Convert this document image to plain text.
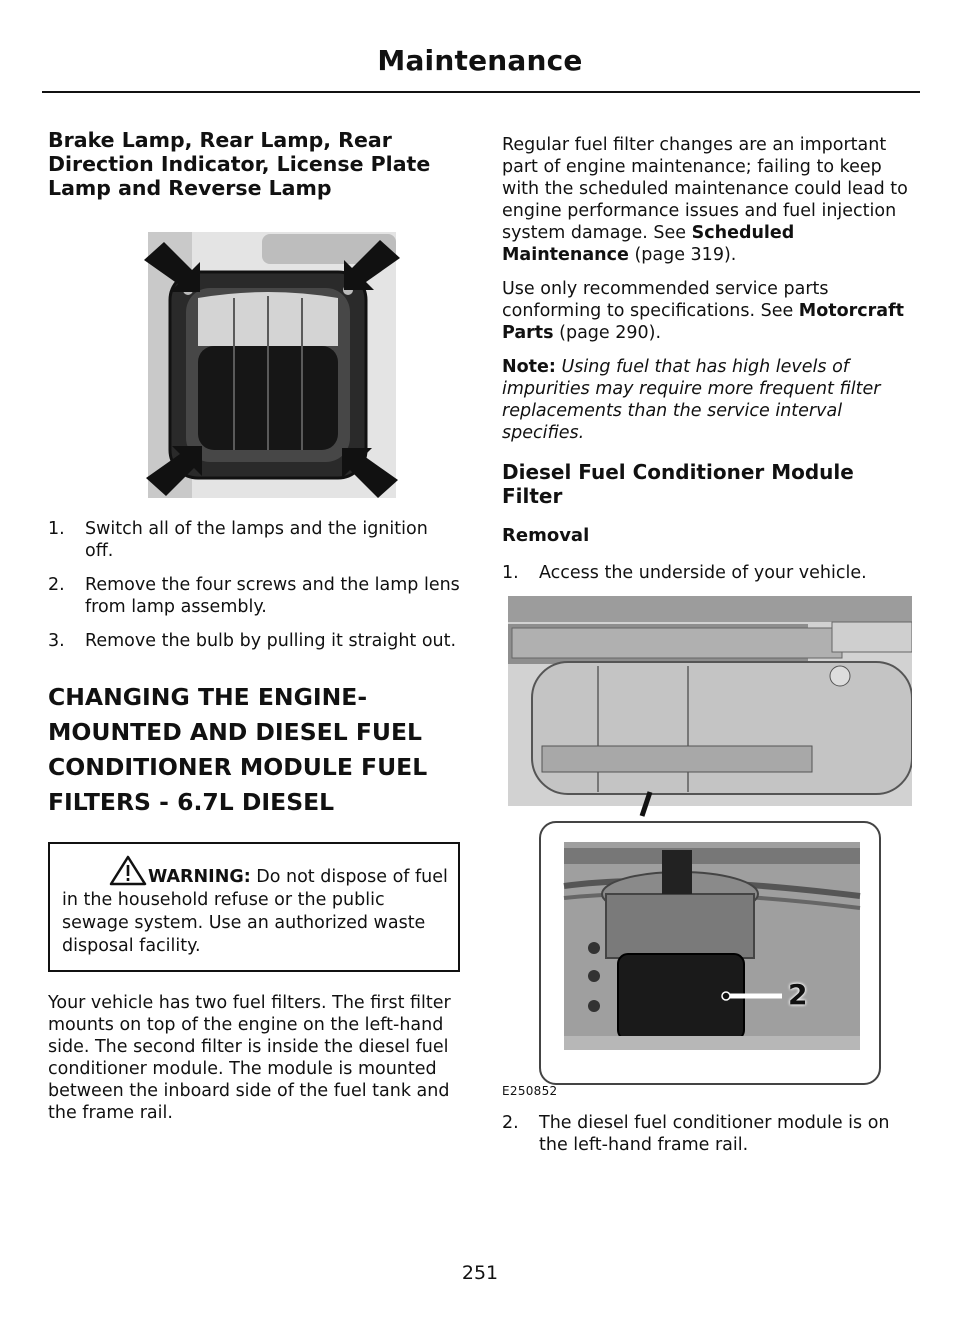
Maintenance
Brake Lamp, Rear Lamp, Rear Direction Indicator, License Plate Lamp and Reverse Lamp
1. Switch all of the lamps and the ignition off.
2. Remove the four screws and the lamp lens from lamp assembly.
3. Remove the bulb by pulling it straight out.
CHANGING THE ENGINE-
MOUNTED AND DIESEL FUEL
CONDITIONER MODULE FUEL
FILTERS - 6.7L DIESEL
WARNING: Do not dispose of fuel in the household refuse or the public sewage system. Use an authorized waste disposal facility.

Your vehicle has two fuel filters. The first filter mounts on top of the engine on the left-hand side. The second filter is inside the diesel fuel conditioner module. The module is mounted between the inboard side of the fuel tank and the frame rail.

Regular fuel filter changes are an important part of engine maintenance; failing to keep with the scheduled maintenance could lead to engine performance issues and fuel injection system damage. See Scheduled Maintenance (page 319).

Use only recommended service parts conforming to specifications. See Motorcraft Parts (page 290).

Note: Using fuel that has high levels of impurities may require more frequent filter replacements than the service interval specifies.

Diesel Fuel Conditioner Module Filter
Removal
1. Access the underside of your vehicle.
2
E250852
2. The diesel fuel conditioner module is on the left-hand frame rail.
251
